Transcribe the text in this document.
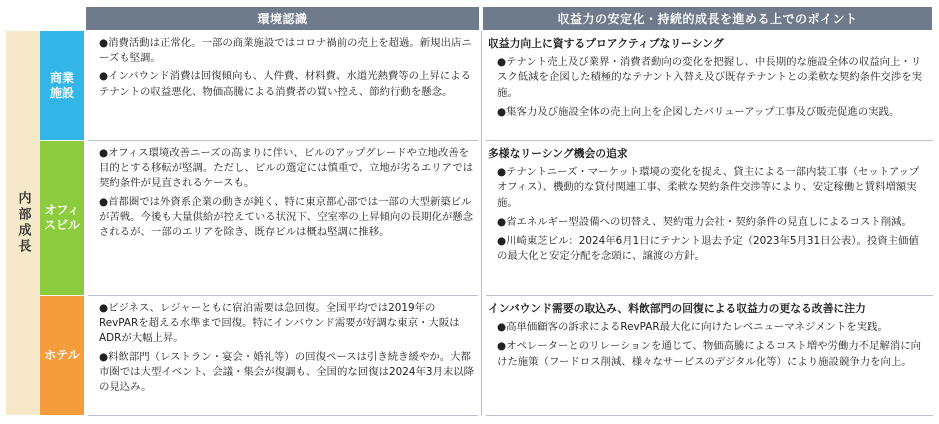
環境認識	収益力の安定化・持続的成長を進める上でのポイント
内部成長
商業
施設
オフィ
スビル
ホテル
●消費活動は正常化。一部の商業施設ではコロナ禍前の売上を超過。新規出店ニーズも堅調。
●インバウンド消費は回復傾向も、人件費、材料費、水道光熱費等の上昇によるテナントの収益悪化、物価高騰による消費者の買い控え、節約行動を懸念。
収益力向上に資するプロアクティブなリーシング
●テナント売上及び業界・消費者動向の変化を把握し、中長期的な施設全体の収益向上・リスク低減を企図した積極的なテナント入替え及び既存テナントとの柔軟な契約条件交渉を実施。
●集客力及び施設全体の売上向上を企図したバリューアップ工事及び販売促進の実践。
●オフィス環境改善ニーズの高まりに伴い、ビルのアップグレードや立地改善を目的とする移転が堅調。ただし、ビルの選定には慎重で、立地が劣るエリアでは契約条件が見直されるケースも。
●首都圏では外資系企業の動きが鈍く、特に東京都心部では一部の大型新築ビルが苦戦。今後も大量供給が控えている状況下、空室率の上昇傾向の長期化が懸念されるが、一部のエリアを除き、既存ビルは概ね堅調に推移。
多様なリーシング機会の追求
●テナントニーズ・マーケット環境の変化を捉え、貸主による一部内装工事（セットアップオフィス）、機動的な貸付関連工事、柔軟な契約条件交渉等により、安定稼働と賃料増額実施。
●省エネルギー型設備への切替え、契約電力会社・契約条件の見直しによるコスト削減。
●川崎東芝ビル：2024年6月1日にテナント退去予定（2023年5月31日公表）。投資主価値の最大化と安定分配を念頭に、譲渡の方針。
●ビジネス、レジャーともに宿泊需要は急回復。全国平均では2019年のRevPARを超える水準まで回復。特にインバウンド需要が好調な東京・大阪はADRが大幅上昇。
●料飲部門（レストラン・宴会・婚礼等）の回復ペースは引き続き緩やか。大都市圏では大型イベント、会議・集会が復調も、全国的な回復は2024年3月末以降の見込み。
インバウンド需要の取込み、料飲部門の回復による収益力の更なる改善に注力
●高単価顧客の訴求によるRevPAR最大化に向けたレベニューマネジメントを実践。
●オペレーターとのリレーションを通じて、物価高騰によるコスト増や労働力不足解消に向けた施策（フードロス削減、様々なサービスのデジタル化等）により施設競争力を向上。
